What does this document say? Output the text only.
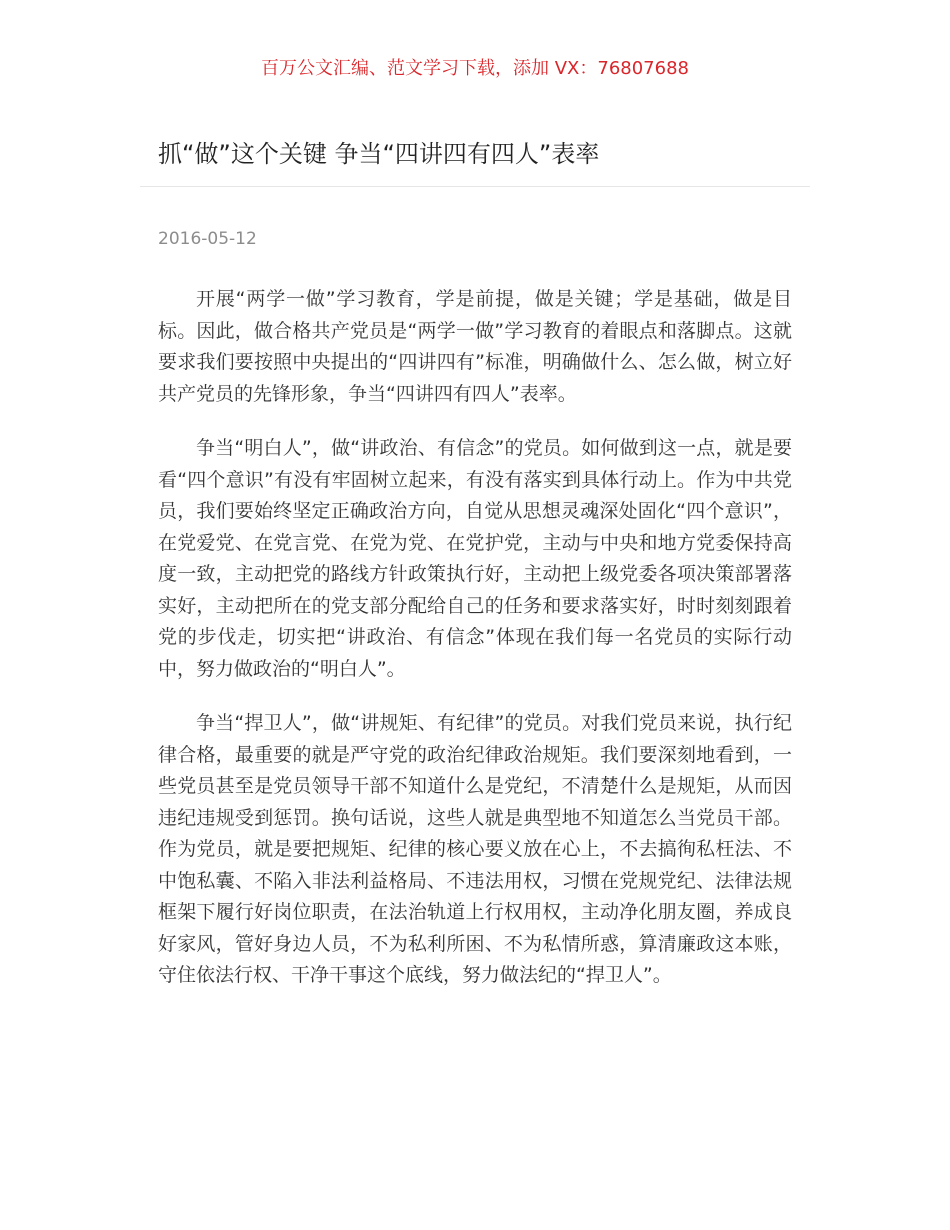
百万公文汇编、范文学习下载，添加 VX：76807688
抓“做”这个关键 争当“四讲四有四人”表率
2016-05-12

开展“两学一做”学习教育，学是前提，做是关键；学是基础，做是目标。因此，做合格共产党员是“两学一做”学习教育的着眼点和落脚点。这就要求我们要按照中央提出的“四讲四有”标准，明确做什么、怎么做，树立好共产党员的先锋形象，争当“四讲四有四人”表率。

争当“明白人”，做“讲政治、有信念”的党员。如何做到这一点，就是要看“四个意识”有没有牢固树立起来，有没有落实到具体行动上。作为中共党员，我们要始终坚定正确政治方向，自觉从思想灵魂深处固化“四个意识”，在党爱党、在党言党、在党为党、在党护党，主动与中央和地方党委保持高度一致，主动把党的路线方针政策执行好，主动把上级党委各项决策部署落实好，主动把所在的党支部分配给自己的任务和要求落实好，时时刻刻跟着党的步伐走，切实把“讲政治、有信念”体现在我们每一名党员的实际行动中，努力做政治的“明白人”。

争当“捍卫人”，做“讲规矩、有纪律”的党员。对我们党员来说，执行纪律合格，最重要的就是严守党的政治纪律政治规矩。我们要深刻地看到，一些党员甚至是党员领导干部不知道什么是党纪，不清楚什么是规矩，从而因违纪违规受到惩罚。换句话说，这些人就是典型地不知道怎么当党员干部。作为党员，就是要把规矩、纪律的核心要义放在心上，不去搞徇私枉法、不中饱私囊、不陷入非法利益格局、不违法用权，习惯在党规党纪、法律法规框架下履行好岗位职责，在法治轨道上行权用权，主动净化朋友圈，养成良好家风，管好身边人员，不为私利所困、不为私情所惑，算清廉政这本账，守住依法行权、干净干事这个底线，努力做法纪的“捍卫人”。
